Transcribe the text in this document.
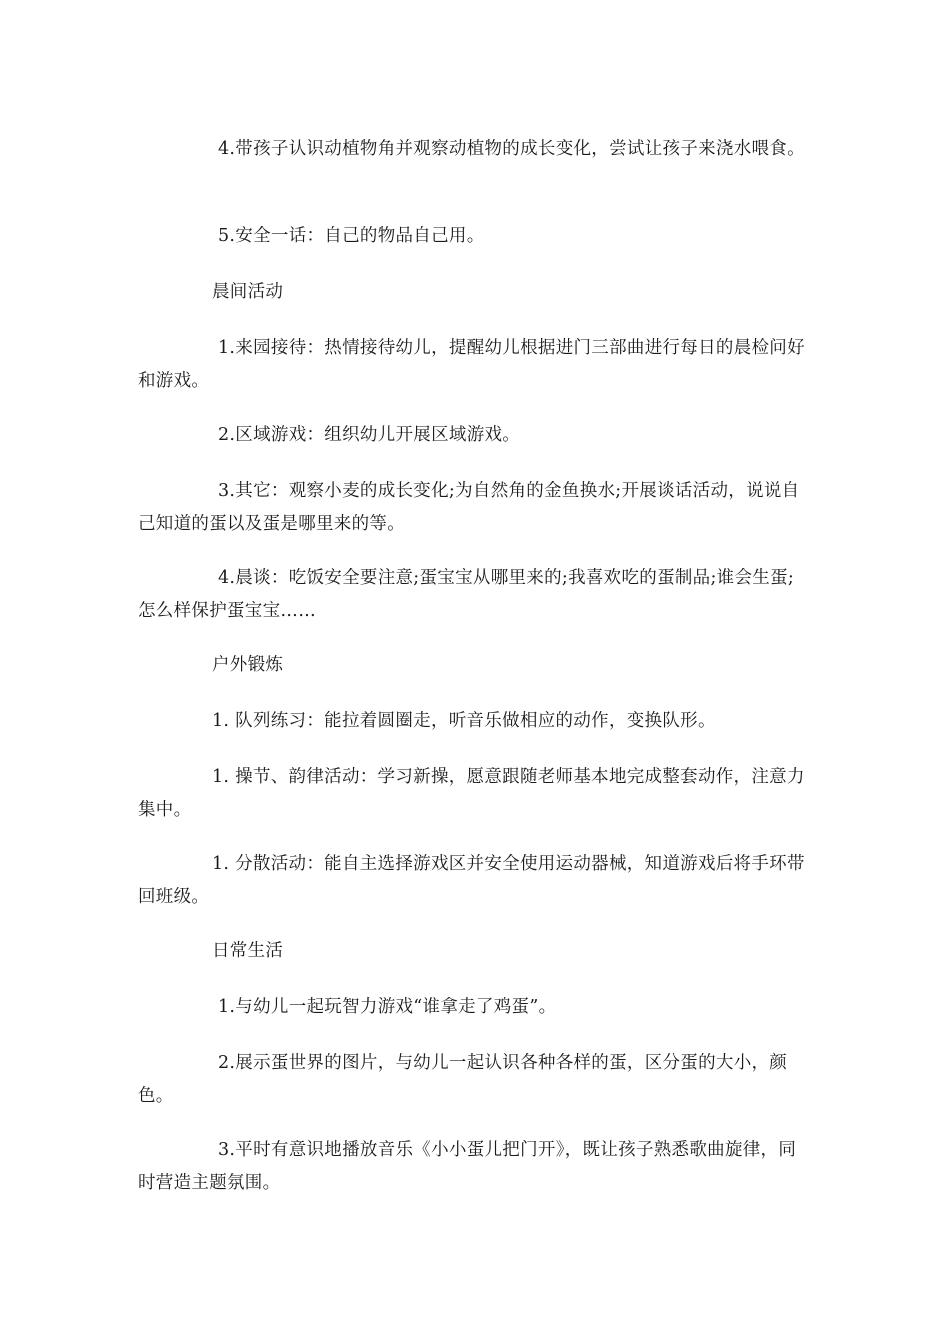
4.带孩子认识动植物角并观察动植物的成长变化，尝试让孩子来浇水喂食。

5.安全一话：自己的物品自己用。

晨间活动

1.来园接待：热情接待幼儿，提醒幼儿根据进门三部曲进行每日的晨检问好和游戏。

2.区域游戏：组织幼儿开展区域游戏。

3.其它：观察小麦的成长变化;为自然角的金鱼换水;开展谈话活动，说说自己知道的蛋以及蛋是哪里来的等。

4.晨谈：吃饭安全要注意;蛋宝宝从哪里来的;我喜欢吃的蛋制品;谁会生蛋;怎么样保护蛋宝宝……

户外锻炼

1. 队列练习：能拉着圆圈走，听音乐做相应的动作，变换队形。

1. 操节、韵律活动：学习新操，愿意跟随老师基本地完成整套动作，注意力集中。

1. 分散活动：能自主选择游戏区并安全使用运动器械，知道游戏后将手环带回班级。

日常生活

1.与幼儿一起玩智力游戏“谁拿走了鸡蛋”。

2.展示蛋世界的图片，与幼儿一起认识各种各样的蛋，区分蛋的大小，颜色。

3.平时有意识地播放音乐《小小蛋儿把门开》，既让孩子熟悉歌曲旋律，同时营造主题氛围。
